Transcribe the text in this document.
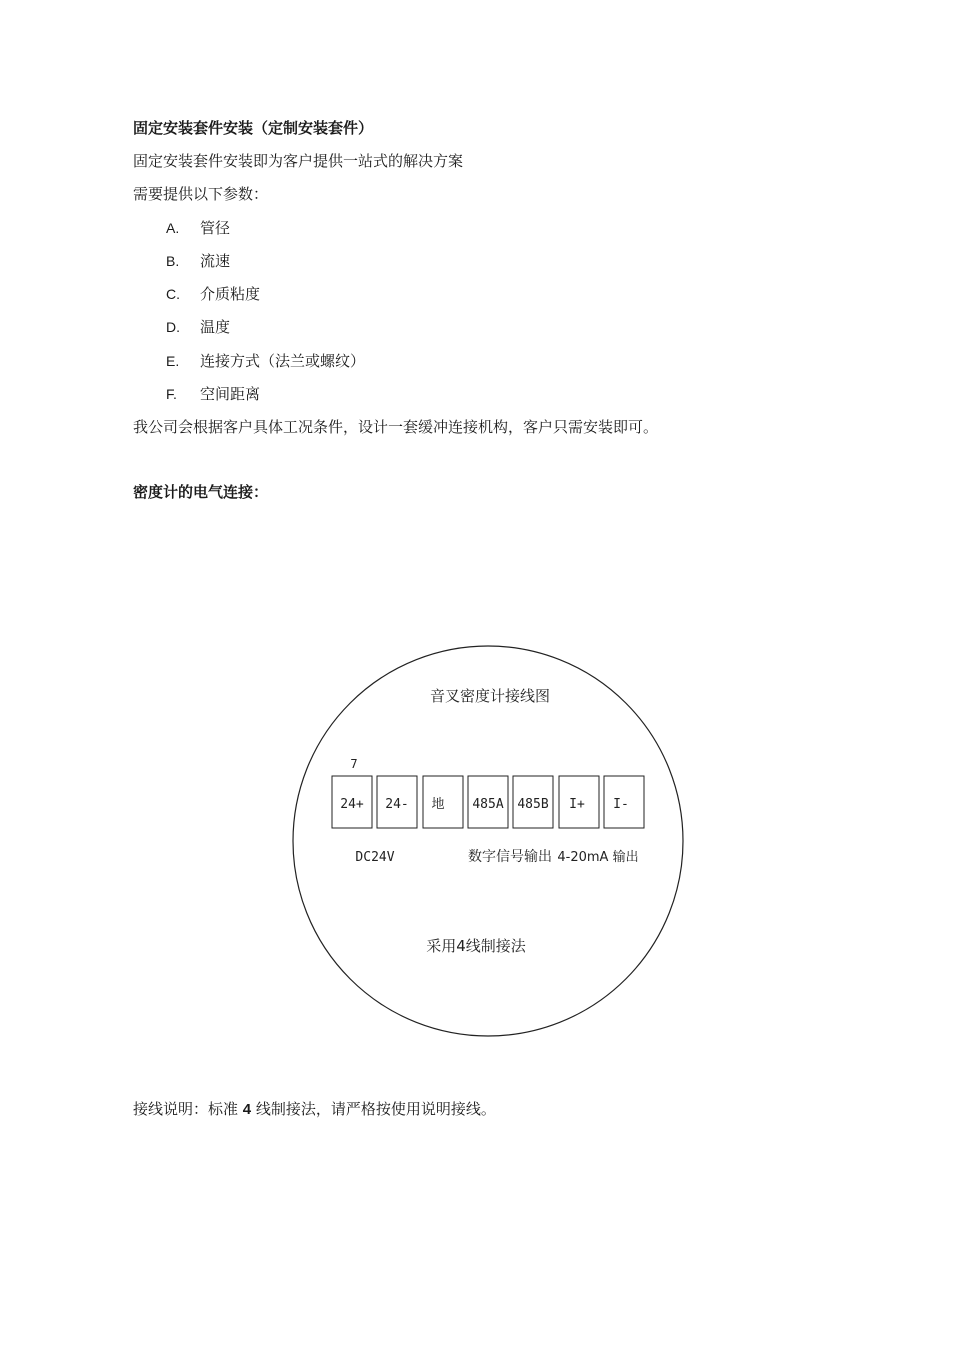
固定安装套件安装（定制安装套件）
固定安装套件安装即为客户提供一站式的解决方案
需要提供以下参数：
A. 管径
B. 流速
C. 介质粘度
D. 温度
E. 连接方式（法兰或螺纹）
F. 空间距离
我公司会根据客户具体工况条件，设计一套缓冲连接机构，客户只需安装即可。
密度计的电气连接：
音叉密度计接线图
7
24+ 24- 地 485A 485B I+ I-
DC24V	数字信号输出 4-20mA 输出
采用4线制接法
接线说明：标准 4 线制接法，请严格按使用说明接线。
